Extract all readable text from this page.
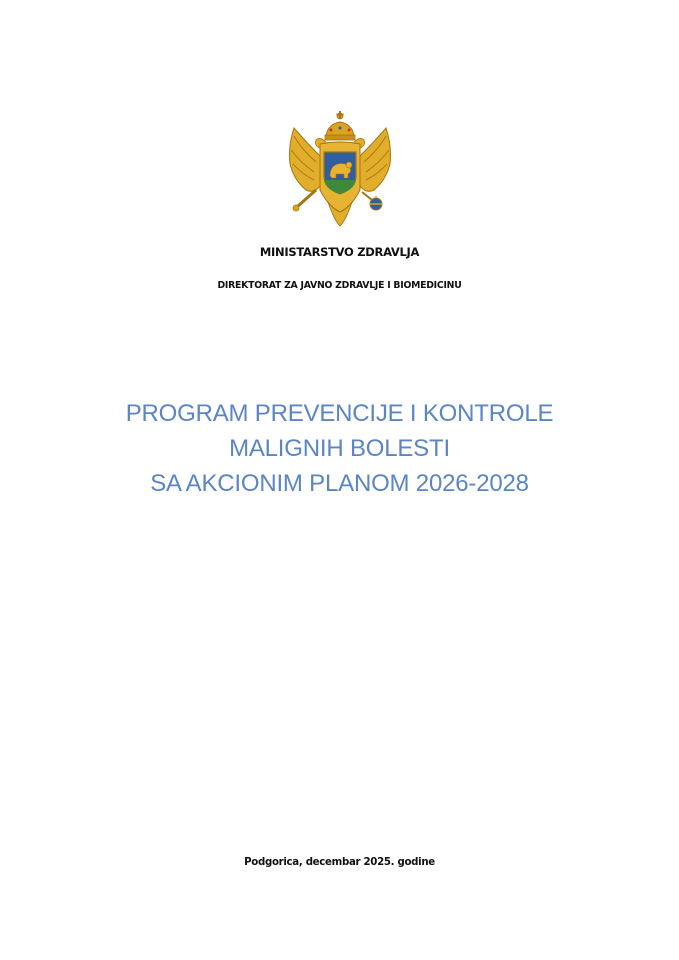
MINISTARSTVO ZDRAVLJA
DIREKTORAT ZA JAVNO ZDRAVLJE I BIOMEDICINU
PROGRAM PREVENCIJE I KONTROLE
MALIGNIH BOLESTI
SA AKCIONIM PLANOM 2026-2028
Podgorica, decembar 2025. godine
